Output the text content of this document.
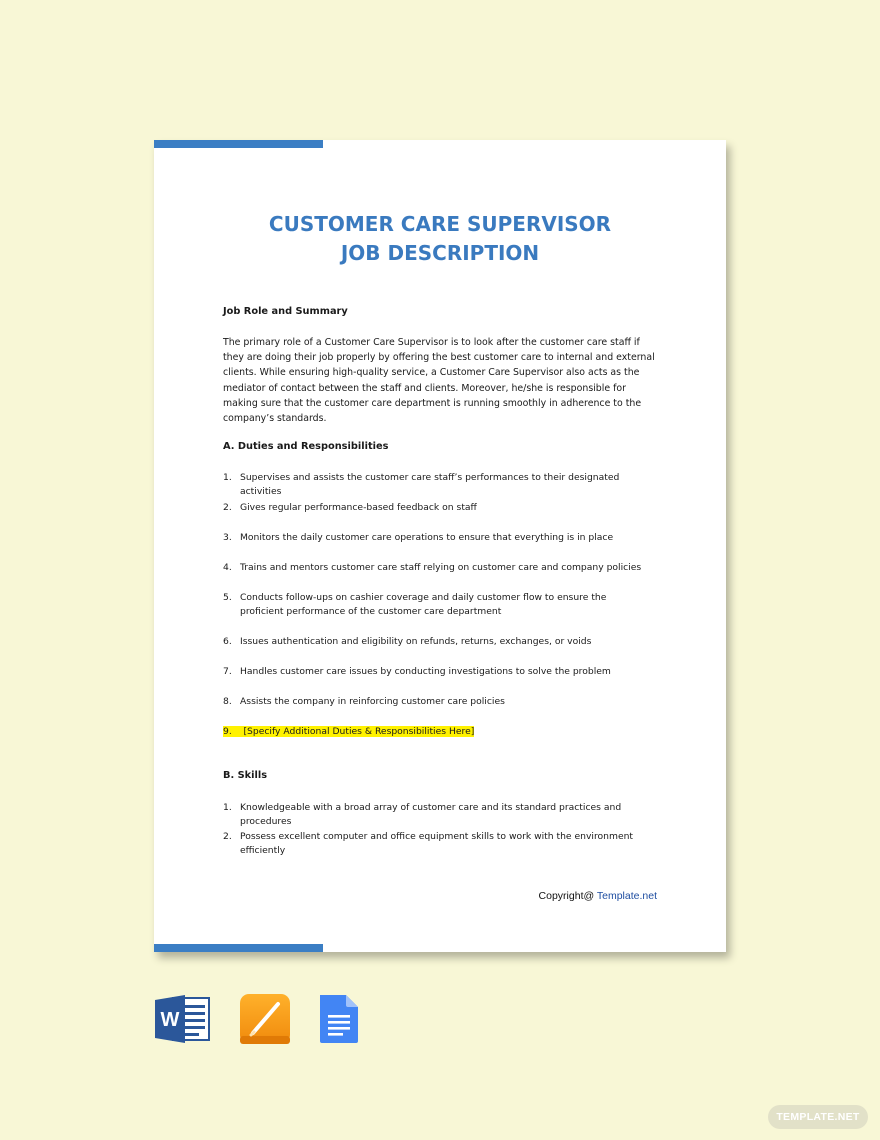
CUSTOMER CARE SUPERVISOR
JOB DESCRIPTION
Job Role and Summary
The primary role of a Customer Care Supervisor is to look after the customer care staff if they are doing their job properly by offering the best customer care to internal and external clients. While ensuring high-quality service, a Customer Care Supervisor also acts as the mediator of contact between the staff and clients. Moreover, he/she is responsible for making sure that the customer care department is running smoothly in adherence to the company’s standards.
A. Duties and Responsibilities
1. Supervises and assists the customer care staff’s performances to their designated activities
2. Gives regular performance-based feedback on staff
3. Monitors the daily customer care operations to ensure that everything is in place
4. Trains and mentors customer care staff relying on customer care and company policies
5. Conducts follow-ups on cashier coverage and daily customer flow to ensure the proficient performance of the customer care department
6. Issues authentication and eligibility on refunds, returns, exchanges, or voids
7. Handles customer care issues by conducting investigations to solve the problem
8. Assists the company in reinforcing customer care policies
9. [Specify Additional Duties & Responsibilities Here]
B. Skills
1. Knowledgeable with a broad array of customer care and its standard practices and procedures
2. Possess excellent computer and office equipment skills to work with the environment efficiently
Copyright@ Template.net
W
TEMPLATE.NET
